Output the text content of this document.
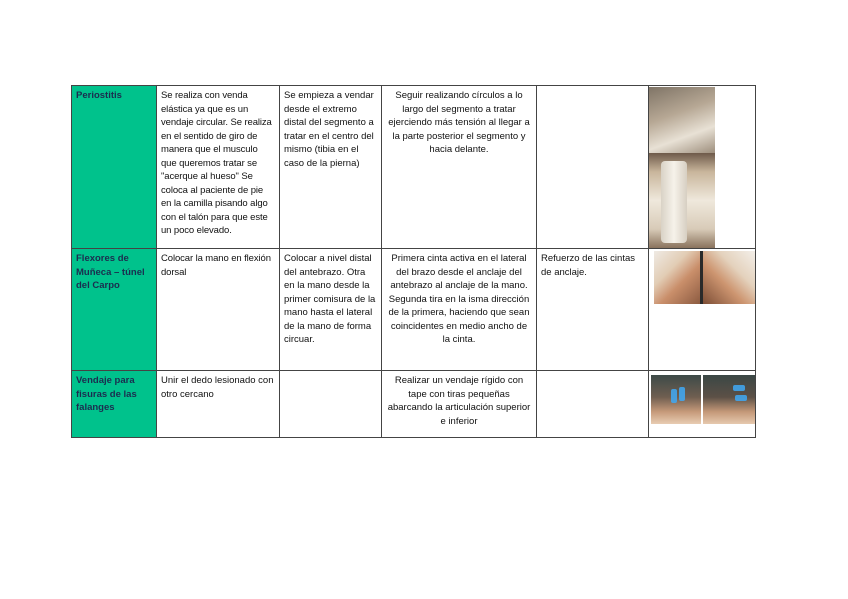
Periostitis	Se realiza con venda elástica ya que es un vendaje circular. Se realiza en el sentido de giro de manera que el musculo que queremos tratar se "acerque al hueso" Se coloca al paciente de pie en la camilla pisando algo con el talón para que este un poco elevado.	Se empieza a vendar desde el extremo distal del segmento a tratar en el centro del mismo (tibia en el caso de la pierna)	Seguir realizando círculos a lo largo del segmento a tratar ejerciendo más tensión al llegar a la parte posterior el segmento y hacia delante.		

Flexores de Muñeca – túnel del Carpo	Colocar la mano en flexión dorsal	Colocar a nivel distal del antebrazo. Otra en la mano desde la primer comisura de la mano hasta el lateral de la mano de forma circuar.	Primera cinta activa en el lateral del brazo desde el anclaje del antebrazo al anclaje de la mano. Segunda tira en la isma dirección de la primera, haciendo que sean coincidentes en medio ancho de la cinta.	Refuerzo de las cintas de anclaje.	

Vendaje para fisuras de las falanges	Unir el dedo lesionado con otro cercano		Realizar un vendaje rígido con tape con tiras pequeñas abarcando la articulación superior e inferior		
